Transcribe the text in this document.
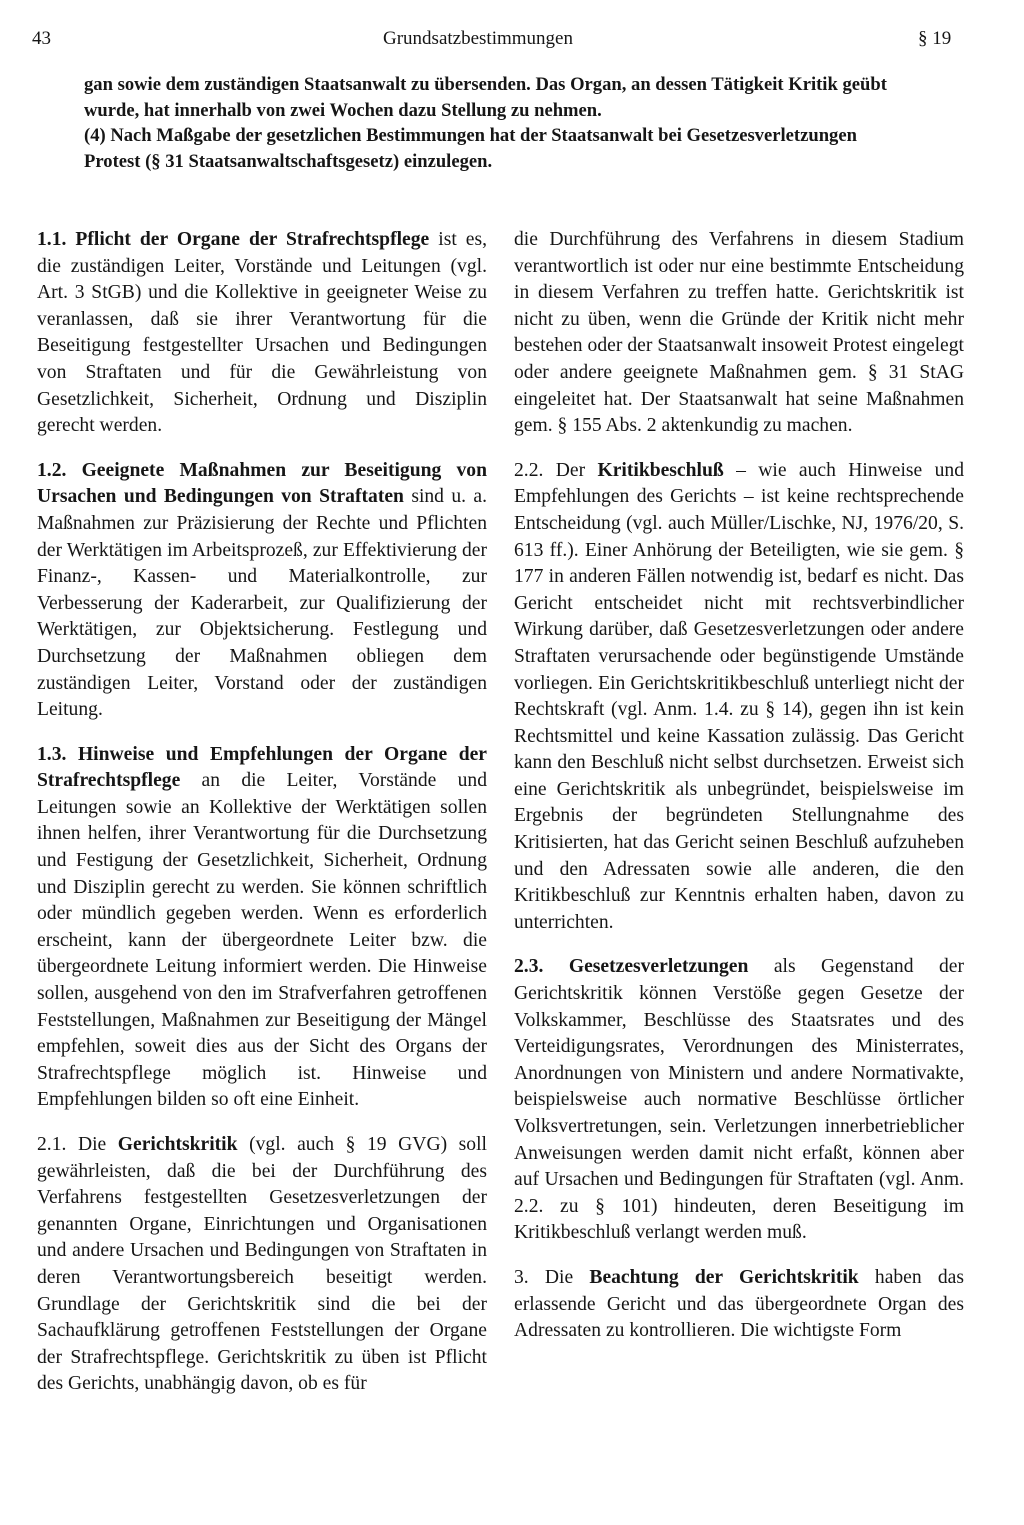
43	Grundsatzbestimmungen	§ 19

gan sowie dem zuständigen Staatsanwalt zu übersenden. Das Organ, an dessen Tätigkeit Kritik geübt wurde, hat innerhalb von zwei Wochen dazu Stellung zu nehmen.

(4) Nach Maßgabe der gesetzlichen Bestimmungen hat der Staatsanwalt bei Gesetzesverletzungen Protest (§ 31 Staatsanwaltschaftsgesetz) einzulegen.

1.1. Pflicht der Organe der Strafrechtspflege ist es, die zuständigen Leiter, Vorstände und Leitungen (vgl. Art. 3 StGB) und die Kollektive in geeigneter Weise zu veranlassen, daß sie ihrer Verantwortung für die Beseitigung festgestellter Ursachen und Bedingungen von Straftaten und für die Gewährleistung von Gesetzlichkeit, Sicherheit, Ordnung und Disziplin gerecht werden.

1.2. Geeignete Maßnahmen zur Beseitigung von Ursachen und Bedingungen von Straftaten sind u. a. Maßnahmen zur Präzisierung der Rechte und Pflichten der Werktätigen im Arbeitsprozeß, zur Effektivierung der Finanz-, Kassen- und Materialkontrolle, zur Verbesserung der Kaderarbeit, zur Qualifizierung der Werktätigen, zur Objektsicherung. Festlegung und Durchsetzung der Maßnahmen obliegen dem zuständigen Leiter, Vorstand oder der zuständigen Leitung.

1.3. Hinweise und Empfehlungen der Organe der Strafrechtspflege an die Leiter, Vorstände und Leitungen sowie an Kollektive der Werktätigen sollen ihnen helfen, ihrer Verantwortung für die Durchsetzung und Festigung der Gesetzlichkeit, Sicherheit, Ordnung und Disziplin gerecht zu werden. Sie können schriftlich oder mündlich gegeben werden. Wenn es erforderlich erscheint, kann der übergeordnete Leiter bzw. die übergeordnete Leitung informiert werden. Die Hinweise sollen, ausgehend von den im Strafverfahren getroffenen Feststellungen, Maßnahmen zur Beseitigung der Mängel empfehlen, soweit dies aus der Sicht des Organs der Strafrechtspflege möglich ist. Hinweise und Empfehlungen bilden so oft eine Einheit.

2.1. Die Gerichtskritik (vgl. auch § 19 GVG) soll gewährleisten, daß die bei der Durchführung des Verfahrens festgestellten Gesetzesverletzungen der genannten Organe, Einrichtungen und Organisationen und andere Ursachen und Bedingungen von Straftaten in deren Verantwortungsbereich beseitigt werden. Grundlage der Gerichtskritik sind die bei der Sachaufklärung getroffenen Feststellungen der Organe der Strafrechtspflege. Gerichtskritik zu üben ist Pflicht des Gerichts, unabhängig davon, ob es für

die Durchführung des Verfahrens in diesem Stadium verantwortlich ist oder nur eine bestimmte Entscheidung in diesem Verfahren zu treffen hatte. Gerichtskritik ist nicht zu üben, wenn die Gründe der Kritik nicht mehr bestehen oder der Staatsanwalt insoweit Protest eingelegt oder andere geeignete Maßnahmen gem. § 31 StAG eingeleitet hat. Der Staatsanwalt hat seine Maßnahmen gem. § 155 Abs. 2 aktenkundig zu machen.

2.2. Der Kritikbeschluß – wie auch Hinweise und Empfehlungen des Gerichts – ist keine rechtsprechende Entscheidung (vgl. auch Müller/Lischke, NJ, 1976/20, S. 613 ff.). Einer Anhörung der Beteiligten, wie sie gem. § 177 in anderen Fällen notwendig ist, bedarf es nicht. Das Gericht entscheidet nicht mit rechtsverbindlicher Wirkung darüber, daß Gesetzesverletzungen oder andere Straftaten verursachende oder begünstigende Umstände vorliegen. Ein Gerichtskritikbeschluß unterliegt nicht der Rechtskraft (vgl. Anm. 1.4. zu § 14), gegen ihn ist kein Rechtsmittel und keine Kassation zulässig. Das Gericht kann den Beschluß nicht selbst durchsetzen. Erweist sich eine Gerichtskritik als unbegründet, beispielsweise im Ergebnis der begründeten Stellungnahme des Kritisierten, hat das Gericht seinen Beschluß aufzuheben und den Adressaten sowie alle anderen, die den Kritikbeschluß zur Kenntnis erhalten haben, davon zu unterrichten.

2.3. Gesetzesverletzungen als Gegenstand der Gerichtskritik können Verstöße gegen Gesetze der Volkskammer, Beschlüsse des Staatsrates und des Verteidigungsrates, Verordnungen des Ministerrates, Anordnungen von Ministern und andere Normativakte, beispielsweise auch normative Beschlüsse örtlicher Volksvertretungen, sein. Verletzungen innerbetrieblicher Anweisungen werden damit nicht erfaßt, können aber auf Ursachen und Bedingungen für Straftaten (vgl. Anm. 2.2. zu § 101) hindeuten, deren Beseitigung im Kritikbeschluß verlangt werden muß.

3. Die Beachtung der Gerichtskritik haben das erlassende Gericht und das übergeordnete Organ des Adressaten zu kontrollieren. Die wichtigste Form
